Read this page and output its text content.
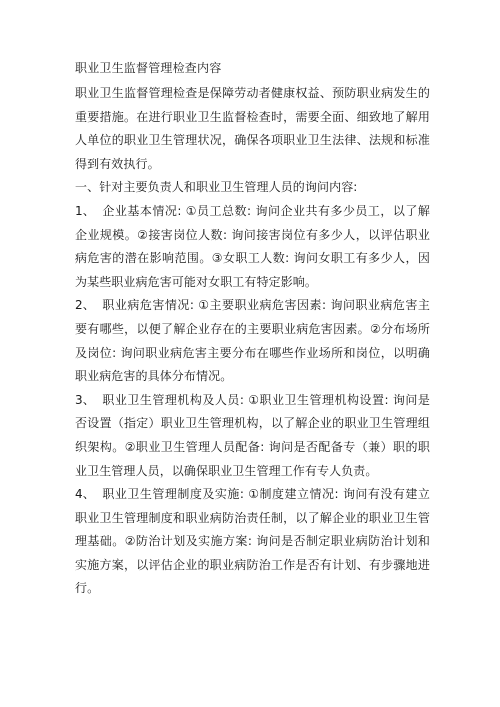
职业卫生监督管理检查内容

职业卫生监督管理检查是保障劳动者健康权益、预防职业病发生的重要措施。在进行职业卫生监督检查时，需要全面、细致地了解用人单位的职业卫生管理状况，确保各项职业卫生法律、法规和标准得到有效执行。

一、针对主要负责人和职业卫生管理人员的询问内容:

1、 企业基本情况: ①员工总数: 询问企业共有多少员工，以了解企业规模。②接害岗位人数: 询问接害岗位有多少人，以评估职业病危害的潜在影响范围。③女职工人数: 询问女职工有多少人，因为某些职业病危害可能对女职工有特定影响。

2、 职业病危害情况: ①主要职业病危害因素: 询问职业病危害主要有哪些，以便了解企业存在的主要职业病危害因素。②分布场所及岗位: 询问职业病危害主要分布在哪些作业场所和岗位，以明确职业病危害的具体分布情况。

3、 职业卫生管理机构及人员: ①职业卫生管理机构设置: 询问是否设置（指定）职业卫生管理机构，以了解企业的职业卫生管理组织架构。②职业卫生管理人员配备: 询问是否配备专（兼）职的职业卫生管理人员，以确保职业卫生管理工作有专人负责。

4、 职业卫生管理制度及实施: ①制度建立情况: 询问有没有建立职业卫生管理制度和职业病防治责任制，以了解企业的职业卫生管理基础。②防治计划及实施方案: 询问是否制定职业病防治计划和实施方案，以评估企业的职业病防治工作是否有计划、有步骤地进行。
